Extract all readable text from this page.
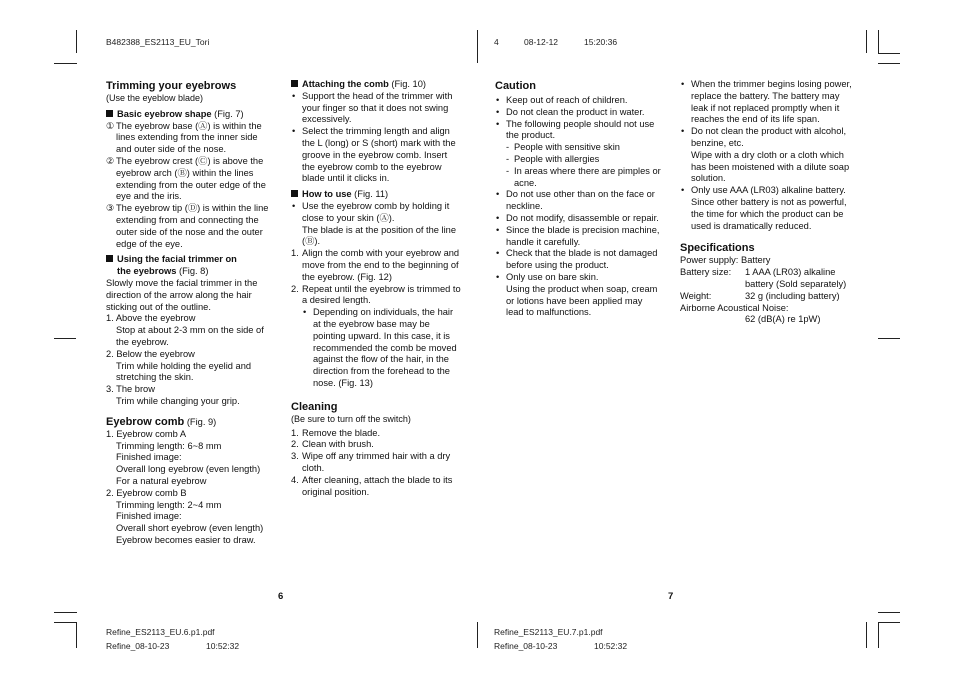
B482388_ES2113_EU_Tori	4	08-12-12	15:20:36
Trimming your eyebrows

(Use the eyeblow blade)

Basic eyebrow shape (Fig. 7)

① The eyebrow base (Ⓐ) is within the lines extending from the inner side and outer side of the nose.
② The eyebrow crest (Ⓒ) is above the eyebrow arch (Ⓑ) within the lines extending from the outer edge of the eye and the iris.
③ The eyebrow tip (Ⓓ) is within the line extending from and connecting the outer side of the nose and the outer edge of the eye.

Using the facial trimmer on

the eyebrows (Fig. 8)

Slowly move the facial trimmer in the direction of the arrow along the hair sticking out of the outline.

1. Above the eyebrow

Stop at about 2-3 mm on the side of the eyebrow.

2. Below the eyebrow

Trim while holding the eyelid and stretching the skin.

3. The brow

Trim while changing your grip.

Eyebrow comb (Fig. 9)

1. Eyebrow comb A

Trimming length: 6~8 mm

Finished image:

Overall long eyebrow (even length)

For a natural eyebrow

2. Eyebrow comb B

Trimming length: 2~4 mm

Finished image:

Overall short eyebrow (even length)

Eyebrow becomes easier to draw.

Attaching the comb (Fig. 10)

• Support the head of the trimmer with your finger so that it does not swing excessively.
• Select the trimming length and align the L (long) or S (short) mark with the groove in the eyebrow comb. Insert the eyebrow comb to the eyebrow blade until it clicks in.

How to use (Fig. 11)

• Use the eyebrow comb by holding it close to your skin (Ⓐ).

The blade is at the position of the line (Ⓑ).

1. Align the comb with your eyebrow and move from the end to the beginning of the eyebrow. (Fig. 12)
2. Repeat until the eyebrow is trimmed to a desired length.
• Depending on individuals, the hair at the eyebrow base may be pointing upward. In this case, it is recommended the comb be moved against the flow of the hair, in the direction from the forehead to the nose. (Fig. 13)
Cleaning

(Be sure to turn off the switch)

1. Remove the blade.
2. Clean with brush.
3. Wipe off any trimmed hair with a dry cloth.
4. After cleaning, attach the blade to its original position.
Caution
• Keep out of reach of children.
• Do not clean the product in water.
• The following people should not use the product.
- People with sensitive skin
- People with allergies
- In areas where there are pimples or acne.
• Do not use other than on the face or neckline.
• Do not modify, disassemble or repair.
• Since the blade is precision machine, handle it carefully.
• Check that the blade is not damaged before using the product.
• Only use on bare skin.

Using the product when soap, cream or lotions have been applied may lead to malfunctions.

• When the trimmer begins losing power, replace the battery. The battery may leak if not replaced promptly when it reaches the end of its life span.
• Do not clean the product with alcohol, benzine, etc.

Wipe with a dry cloth or a cloth which has been moistened with a dilute soap solution.

• Only use AAA (LR03) alkaline battery. Since other battery is not as powerful, the time for which the product can be used is dramatically reduced.
Specifications
Power supply:
Battery
Battery size:	1 AAA (LR03) alkaline
battery (Sold separately)
Weight:	32 g (including battery)
Airborne Acoustical Noise:
62 (dB(A) re 1pW)
6	7
Refine_ES2113_EU.6.p1.pdf
Refine_08-10-23	10:52:32
Refine_ES2113_EU.7.p1.pdf
Refine_08-10-23	10:52:32
